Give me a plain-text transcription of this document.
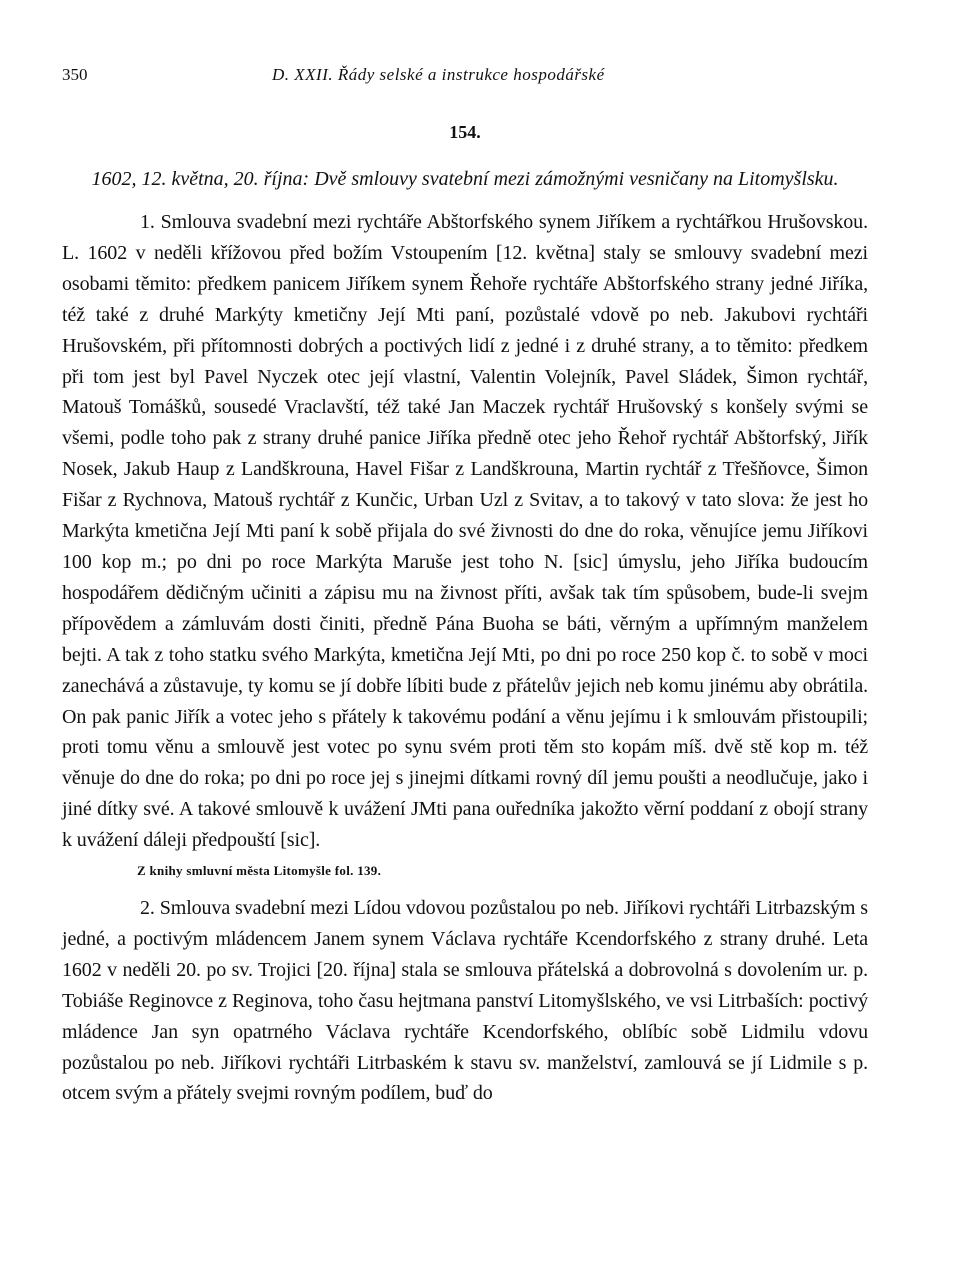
350	D. XXII. Řády selské a instrukce hospodářské
154.
1602, 12. května, 20. října: Dvě smlouvy svatební mezi zámožnými vesničany na Litomyšlsku.

1. Smlouva svadební mezi rychtáře Abštorfského synem Jiříkem a rychtářkou Hrušovskou. L. 1602 v neděli křížovou před božím Vstoupením [12. května] staly se smlouvy svadební mezi osobami těmito: předkem panicem Jiříkem synem Řehoře rychtáře Abštorfského strany jedné Jiříka, též také z druhé Markýty kmetičny Její Mti paní, pozůstalé vdově po neb. Jakubovi rychtáři Hrušovském, při přítomnosti dobrých a poctivých lidí z jedné i z druhé strany, a to těmito: předkem při tom jest byl Pavel Nyczek otec její vlastní, Valentin Volejník, Pavel Sládek, Šimon rychtář, Matouš Tomášků, sousedé Vraclavští, též také Jan Maczek rychtář Hrušovský s konšely svými se všemi, podle toho pak z strany druhé panice Jiříka předně otec jeho Řehoř rychtář Abštorfský, Jiřík Nosek, Jakub Haup z Landškrouna, Havel Fišar z Landškrouna, Martin rychtář z Třešňovce, Šimon Fišar z Rychnova, Matouš rychtář z Kunčic, Urban Uzl z Svitav, a to takový v tato slova: že jest ho Markýta kmetična Její Mti paní k sobě přijala do své živnosti do dne do roka, věnujíce jemu Jiříkovi 100 kop m.; po dni po roce Markýta Maruše jest toho N. [sic] úmyslu, jeho Jiříka budoucím hospodářem dědičným učiniti a zápisu mu na živnost příti, avšak tak tím spůsobem, bude-li svejm přípovědem a zámluvám dosti činiti, předně Pána Buoha se báti, věrným a upřímným manželem bejti. A tak z toho statku svého Markýta, kmetična Její Mti, po dni po roce 250 kop č. to sobě v moci zanechává a zůstavuje, ty komu se jí dobře líbiti bude z přátelův jejich neb komu jinému aby obrátila. On pak panic Jiřík a votec jeho s přátely k takovému podání a věnu jejímu i k smlouvám přistoupili; proti tomu věnu a smlouvě jest votec po synu svém proti těm sto kopám míš. dvě stě kop m. též věnuje do dne do roka; po dni po roce jej s jinejmi dítkami rovný díl jemu poušti a neodlučuje, jako i jiné dítky své. A takové smlouvě k uvážení JMti pana ouředníka jakožto věrní poddaní z obojí strany k uvážení dáleji předpouští [sic].

Z knihy smluvní města Litomyšle fol. 139.

2. Smlouva svadební mezi Lídou vdovou pozůstalou po neb. Jiříkovi rychtáři Litrbazským s jedné, a poctivým mládencem Janem synem Václava rychtáře Kcendorfského z strany druhé. Leta 1602 v neděli 20. po sv. Trojici [20. října] stala se smlouva přátelská a dobrovolná s dovolením ur. p. Tobiáše Reginovce z Reginova, toho času hejtmana panství Litomyšlského, ve vsi Litrbaších: poctivý mládence Jan syn opatrného Václava rychtáře Kcendorfského, oblíbíc sobě Lidmilu vdovu pozůstalou po neb. Jiříkovi rychtáři Litrbaském k stavu sv. manželství, zamlouvá se jí Lidmile s p. otcem svým a přátely svejmi rovným podílem, buď do
